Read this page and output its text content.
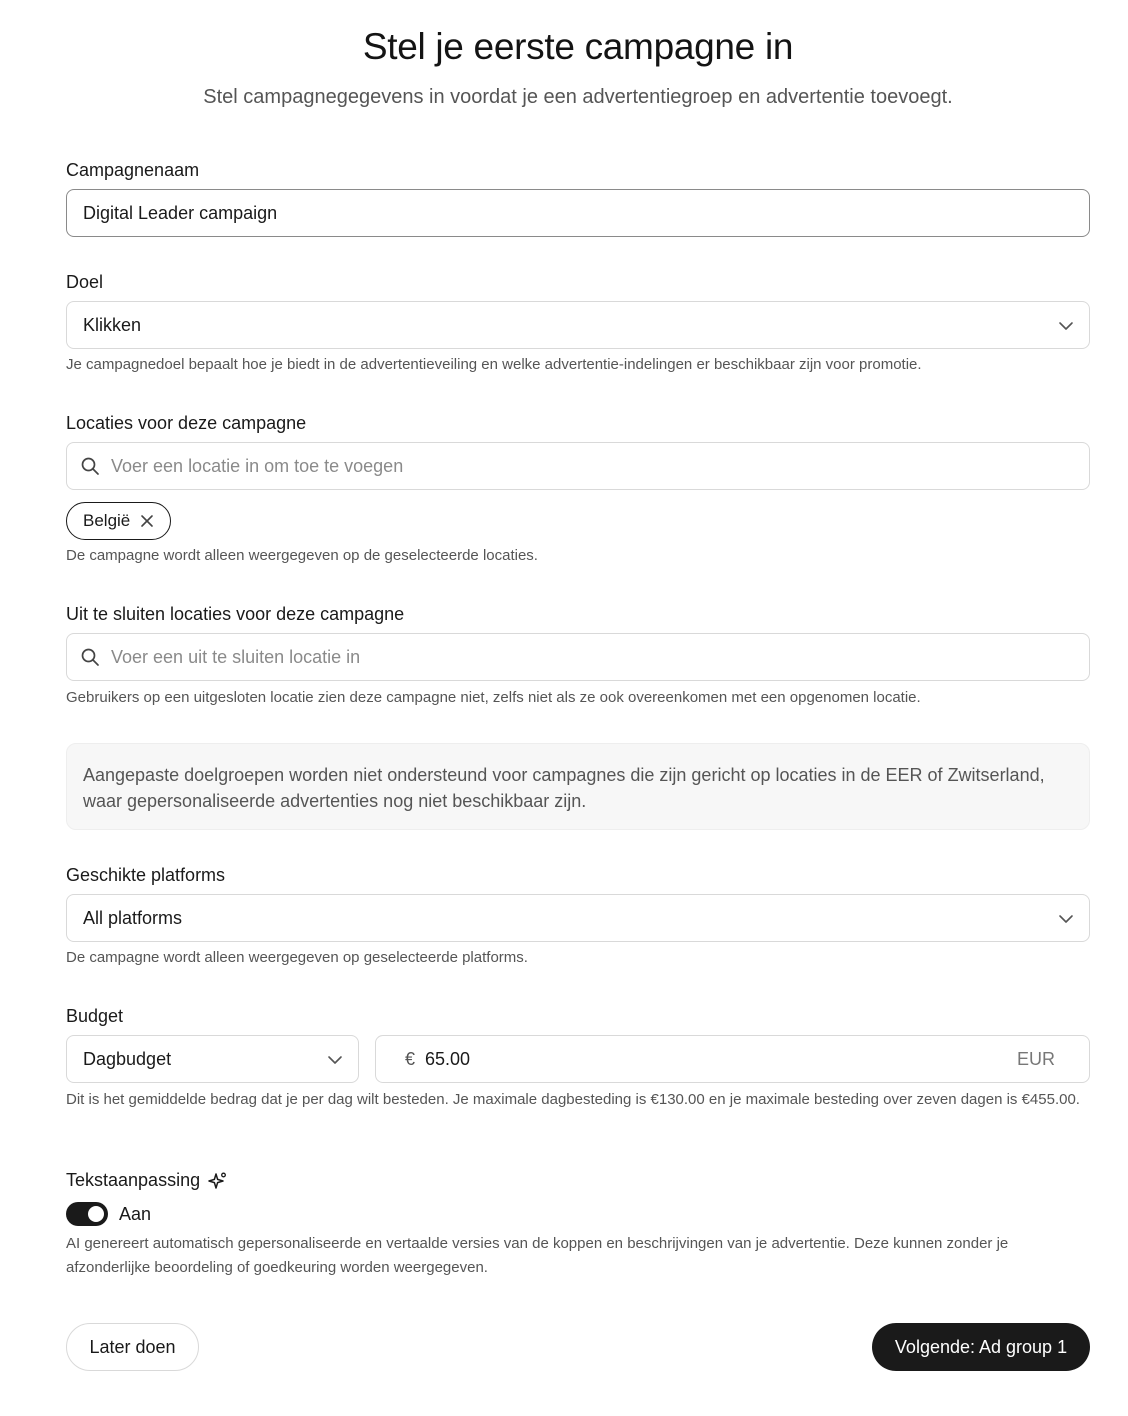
Stel je eerste campagne in
Stel campagnegegevens in voordat je een advertentiegroep en advertentie toevoegt.
Campagnenaam
Digital Leader campaign
Doel
Klikken
Je campagnedoel bepaalt hoe je biedt in de advertentieveiling en welke advertentie-indelingen er beschikbaar zijn voor promotie.
Locaties voor deze campagne
Voer een locatie in om toe te voegen
België
De campagne wordt alleen weergegeven op de geselecteerde locaties.
Uit te sluiten locaties voor deze campagne
Voer een uit te sluiten locatie in
Gebruikers op een uitgesloten locatie zien deze campagne niet, zelfs niet als ze ook overeenkomen met een opgenomen locatie.
Aangepaste doelgroepen worden niet ondersteund voor campagnes die zijn gericht op locaties in de EER of Zwitserland, waar gepersonaliseerde advertenties nog niet beschikbaar zijn.
Geschikte platforms
All platforms
De campagne wordt alleen weergegeven op geselecteerde platforms.
Budget
Dagbudget	€ 65.00	EUR
Dit is het gemiddelde bedrag dat je per dag wilt besteden. Je maximale dagbesteding is €130.00 en je maximale besteding over zeven dagen is €455.00.
Tekstaanpassing
Aan
AI genereert automatisch gepersonaliseerde en vertaalde versies van de koppen en beschrijvingen van je advertentie. Deze kunnen zonder je afzonderlijke beoordeling of goedkeuring worden weergegeven.
Later doen	Volgende: Ad group 1
